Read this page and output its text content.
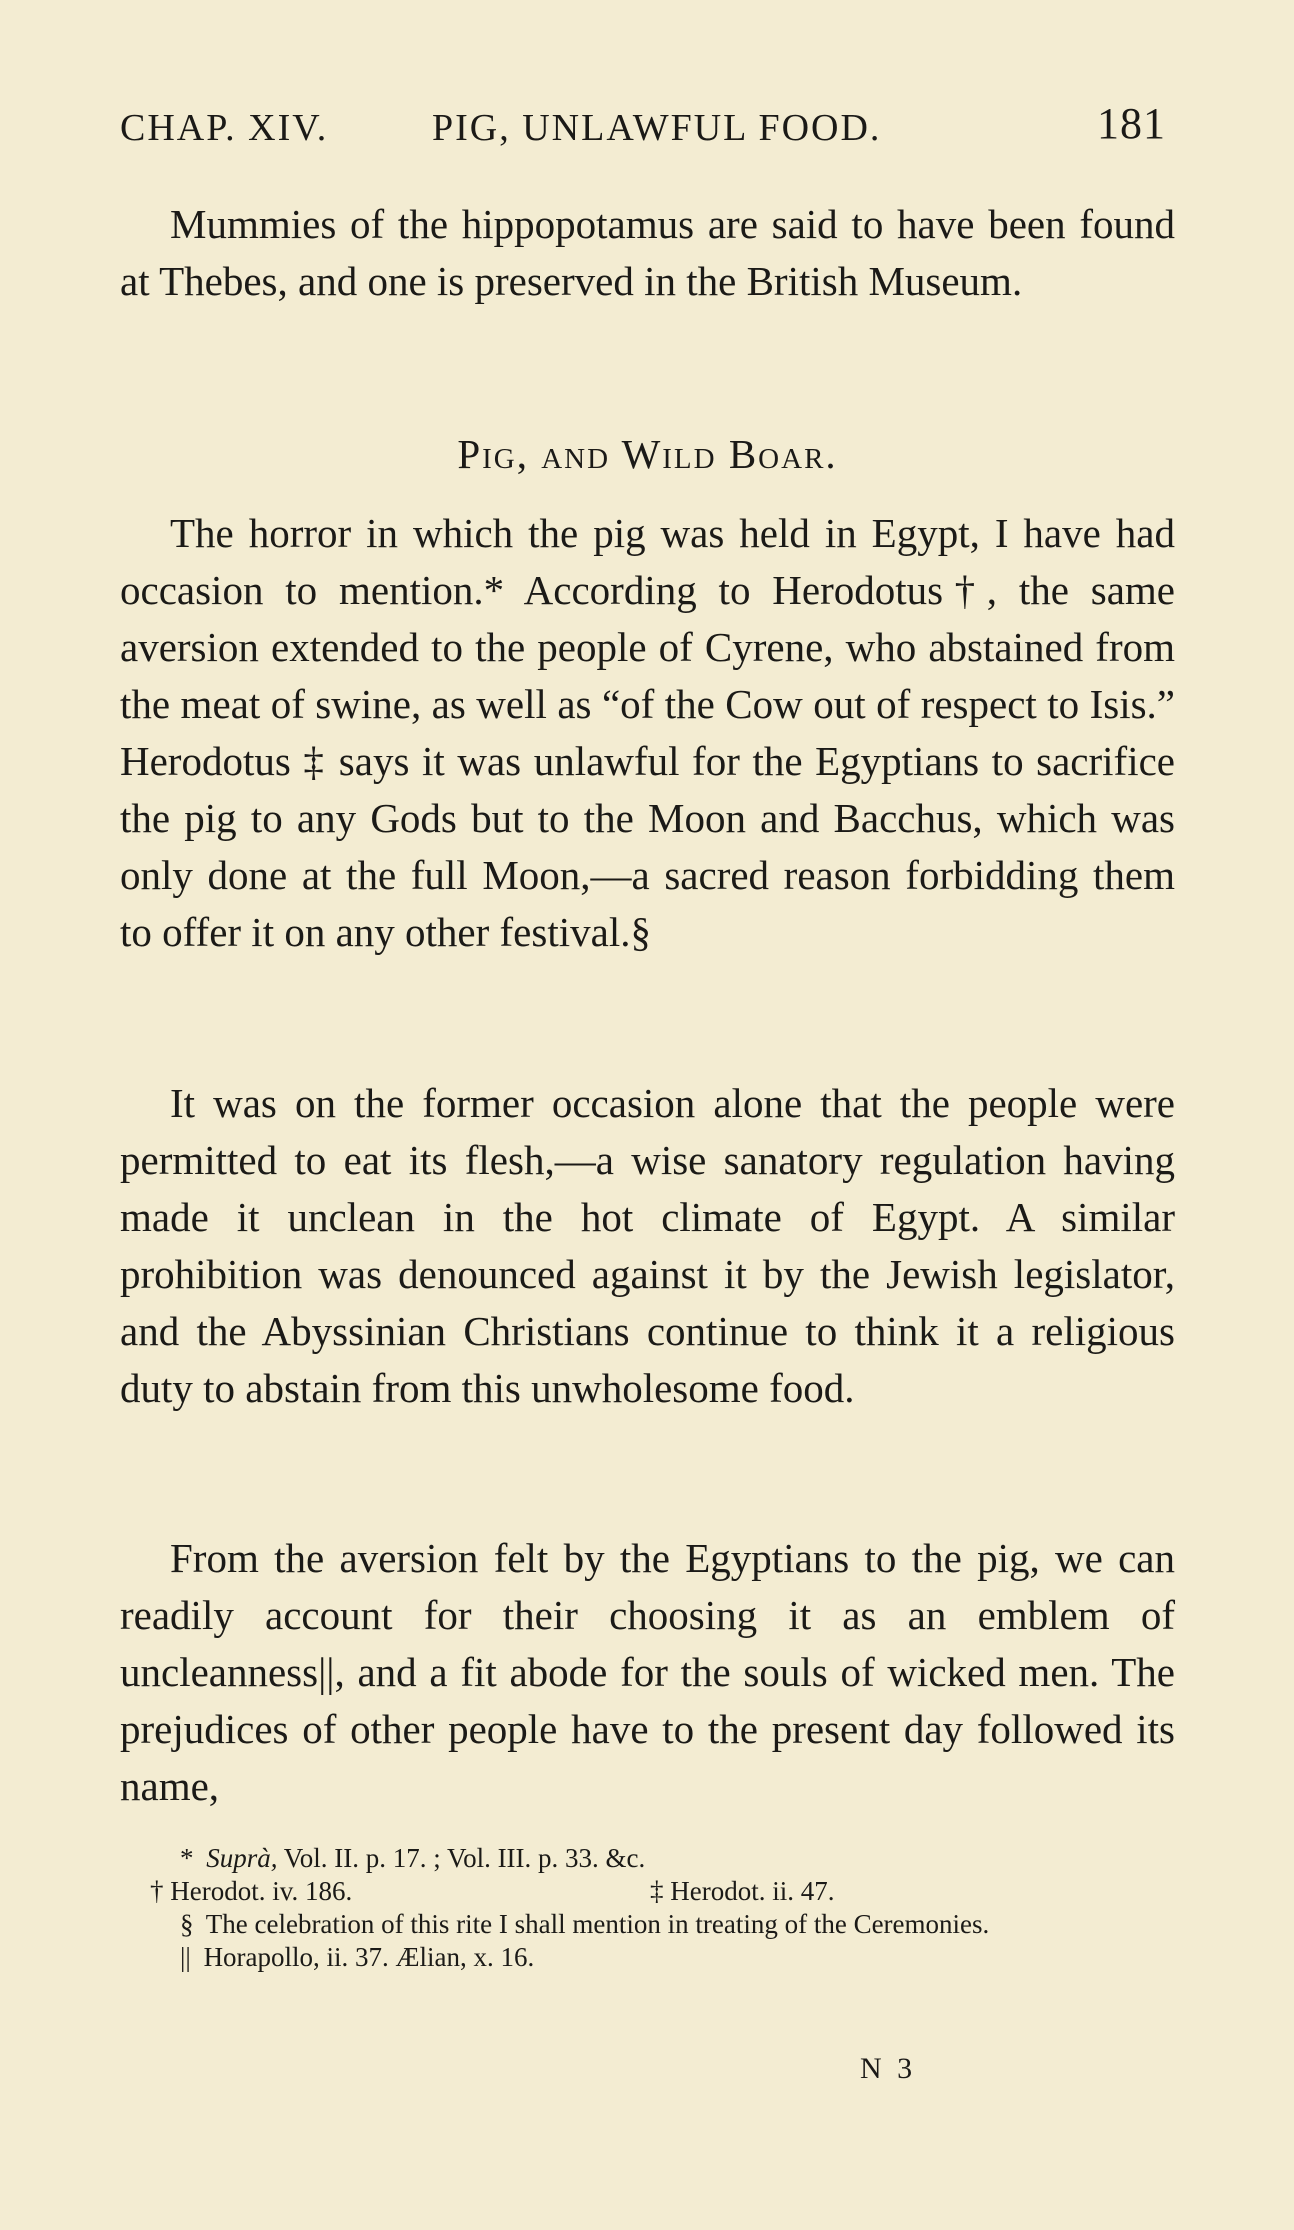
CHAP. XIV.	PIG, UNLAWFUL FOOD.	181

Mummies of the hippopotamus are said to have been found at Thebes, and one is preserved in the British Museum.

Pig, and Wild Boar.

The horror in which the pig was held in Egypt, I have had occasion to mention.* According to Herodotus†, the same aversion extended to the people of Cyrene, who abstained from the meat of swine, as well as “of the Cow out of respect to Isis.” Herodotus ‡ says it was unlawful for the Egyptians to sacrifice the pig to any Gods but to the Moon and Bacchus, which was only done at the full Moon,—a sacred reason forbidding them to offer it on any other festival.§

It was on the former occasion alone that the people were permitted to eat its flesh,—a wise sanatory regulation having made it unclean in the hot climate of Egypt. A similar prohibition was denounced against it by the Jewish legislator, and the Abyssinian Christians continue to think it a religious duty to abstain from this unwholesome food.

From the aversion felt by the Egyptians to the pig, we can readily account for their choosing it as an emblem of uncleanness||, and a fit abode for the souls of wicked men. The prejudices of other people have to the present day followed its name,

* Suprà, Vol. II. p. 17. ; Vol. III. p. 33. &c.

† Herodot. iv. 186.	‡ Herodot. ii. 47.

§ The celebration of this rite I shall mention in treating of the Ceremonies.

|| Horapollo, ii. 37. Ælian, x. 16.

N 3
